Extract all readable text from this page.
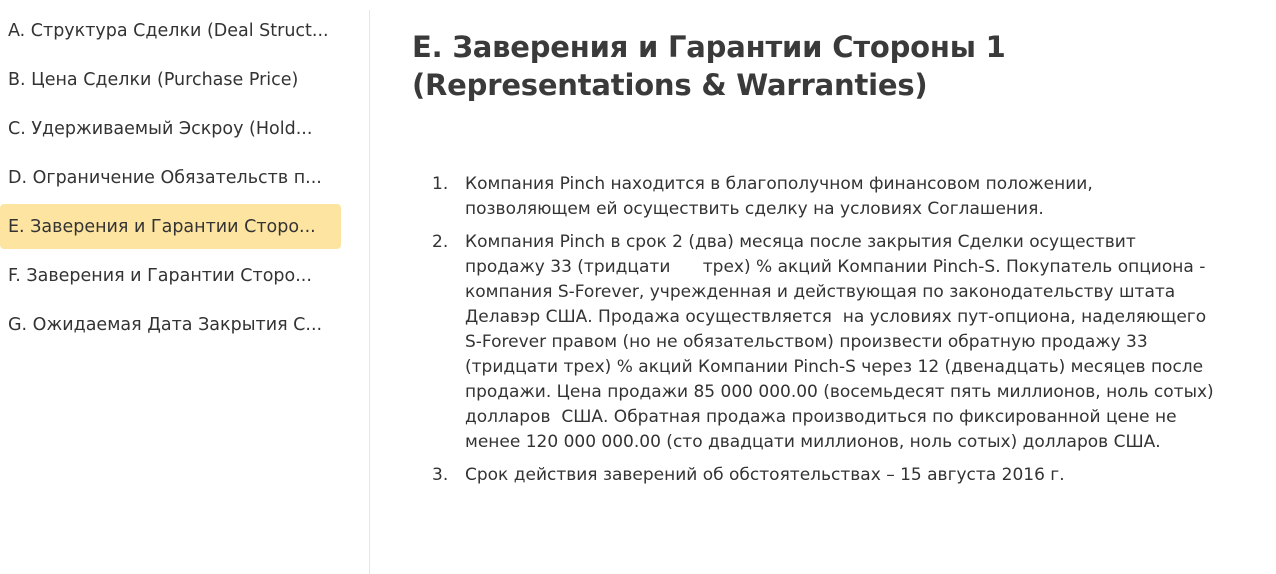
A. Структура Сделки (Deal Struct...
B. Цена Сделки (Purchase Price)
C. Удерживаемый Эскроу (Hold...
D. Ограничение Обязательств п...
E. Заверения и Гарантии Сторо...
F. Заверения и Гарантии Сторо...
G. Ожидаемая Дата Закрытия С...
E. Заверения и Гарантии Стороны 1
(Representations & Warranties)
1. Компания Pinch находится в благополучном финансовом положении,
позволяющем ей осуществить сделку на условиях Соглашения.
2. Компания Pinch в срок 2 (два) месяца после закрытия Сделки осуществит
продажу 33 (тридцати      трех) % акций Компании Pinch-S. Покупатель опциона -
компания S-Forever, учрежденная и действующая по законодательству штата
Делавэр США. Продажа осуществляется  на условиях пут-опциона, наделяющего
S-Forever правом (но не обязательством) произвести обратную продажу 33
(тридцати трех) % акций Компании Pinch-S через 12 (двенадцать) месяцев после
продажи. Цена продажи 85 000 000.00 (восемьдесят пять миллионов, ноль сотых)
долларов  США. Обратная продажа производиться по фиксированной цене не
менее 120 000 000.00 (сто двадцати миллионов, ноль сотых) долларов США.
3. Срок действия заверений об обстоятельствах – 15 августа 2016 г.
